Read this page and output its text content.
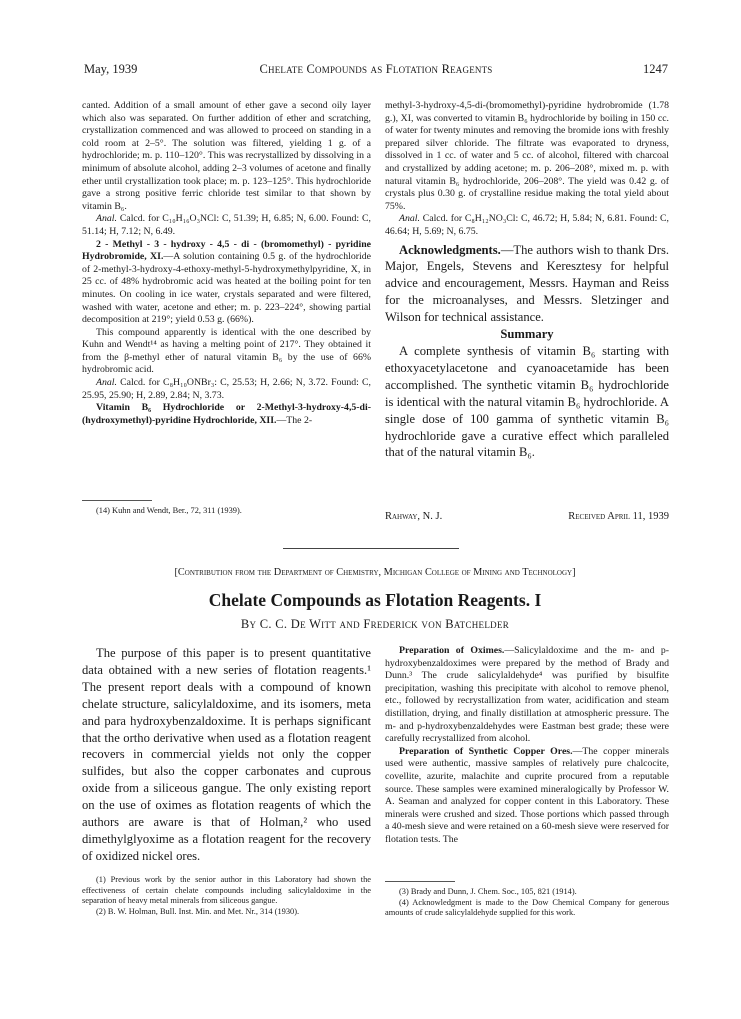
May, 1939	Chelate Compounds as Flotation Reagents	1247

canted. Addition of a small amount of ether gave a second oily layer which also was separated. On further addition of ether and scratching, crystallization commenced and was allowed to proceed on standing in a cold room at 2–5°. The solution was filtered, yielding 1 g. of a hydrochloride; m. p. 110–120°. This was recrystallized by dissolving in a minimum of absolute alcohol, adding 2–3 volumes of acetone and finally ether until crystallization took place; m. p. 123–125°. This hydrochloride gave a strong positive ferric chloride test similar to that shown by vitamin B₆.

Anal. Calcd. for C₁₀H₁₆O₃NCl: C, 51.39; H, 6.85; N, 6.00. Found: C, 51.14; H, 7.12; N, 6.49.

2 - Methyl - 3 - hydroxy - 4,5 - di - (bromomethyl) - pyridine Hydrobromide, XI.—A solution containing 0.5 g. of the hydrochloride of 2-methyl-3-hydroxy-4-ethoxy-methyl-5-hydroxymethylpyridine, X, in 25 cc. of 48% hydrobromic acid was heated at the boiling point for ten minutes. On cooling in ice water, crystals separated and were filtered, washed with water, acetone and ether; m. p. 223–224°, showing partial decomposition at 219°; yield 0.53 g. (66%).

This compound apparently is identical with the one described by Kuhn and Wendt¹⁴ as having a melting point of 217°. They obtained it from the β-methyl ether of natural vitamin B₆ by the use of 66% hydrobromic acid.

Anal. Calcd. for C₈H₁₀ONBr₃: C, 25.53; H, 2.66; N, 3.72. Found: C, 25.95, 25.90; H, 2.89, 2.84; N, 3.73.

Vitamin B₆ Hydrochloride or 2-Methyl-3-hydroxy-4,5-di-(hydroxymethyl)-pyridine Hydrochloride, XII.—The 2-

(14) Kuhn and Wendt, Ber., 72, 311 (1939).

methyl-3-hydroxy-4,5-di-(bromomethyl)-pyridine hydrobromide (1.78 g.), XI, was converted to vitamin B₆ hydrochloride by boiling in 150 cc. of water for twenty minutes and removing the bromide ions with freshly prepared silver chloride. The filtrate was evaporated to dryness, dissolved in 1 cc. of water and 5 cc. of alcohol, filtered with charcoal and crystallized by adding acetone; m. p. 206–208°, mixed m. p. with natural vitamin B₆ hydrochloride, 206–208°. The yield was 0.42 g. of crystals plus 0.30 g. of crystalline residue making the total yield about 75%.

Anal. Calcd. for C₈H₁₂NO₃Cl: C, 46.72; H, 5.84; N, 6.81. Found: C, 46.64; H, 5.69; N, 6.75.

Acknowledgments.—The authors wish to thank Drs. Major, Engels, Stevens and Keresztesy for helpful advice and encouragement, Messrs. Hayman and Reiss for the microanalyses, and Messrs. Sletzinger and Wilson for technical assistance.

Summary

A complete synthesis of vitamin B₆ starting with ethoxyacetylacetone and cyanoacetamide has been accomplished. The synthetic vitamin B₆ hydrochloride is identical with the natural vitamin B₆ hydrochloride. A single dose of 100 gamma of synthetic vitamin B₆ hydrochloride gave a curative effect which paralleled that of the natural vitamin B₆.

Rahway, N. J.	Received April 11, 1939
[Contribution from the Department of Chemistry, Michigan College of Mining and Technology]
Chelate Compounds as Flotation Reagents. I
By C. C. De Witt and Frederick von Batchelder

The purpose of this paper is to present quantitative data obtained with a new series of flotation reagents.¹ The present report deals with a compound of known chelate structure, salicylaldoxime, and its isomers, meta and para hydroxybenzaldoxime. It is perhaps significant that the ortho derivative when used as a flotation reagent recovers in commercial yields not only the copper sulfides, but also the copper carbonates and cuprous oxide from a siliceous gangue. The only existing report on the use of oximes as flotation reagents of which the authors are aware is that of Holman,² who used dimethylglyoxime as a flotation reagent for the recovery of oxidized nickel ores.

(1) Previous work by the senior author in this Laboratory had shown the effectiveness of certain chelate compounds including salicylaldoxime in the separation of heavy metal minerals from siliceous gangue.

(2) B. W. Holman, Bull. Inst. Min. and Met. Nr., 314 (1930).

Preparation of Oximes.—Salicylaldoxime and the m- and p-hydroxybenzaldoximes were prepared by the method of Brady and Dunn.³ The crude salicylaldehyde⁴ was purified by bisulfite precipitation, washing this precipitate with alcohol to remove phenol, etc., followed by recrystallization from water, acidification and steam distillation, drying, and finally distillation at atmospheric pressure. The m- and p-hydroxybenzaldehydes were Eastman best grade; these were carefully recrystallized from alcohol.

Preparation of Synthetic Copper Ores.—The copper minerals used were authentic, massive samples of relatively pure chalcocite, covellite, azurite, malachite and cuprite procured from a reputable source. These samples were examined mineralogically by Professor W. A. Seaman and analyzed for copper content in this Laboratory. These minerals were crushed and sized. Those portions which passed through a 40-mesh sieve and were retained on a 60-mesh sieve were reserved for flotation tests. The

(3) Brady and Dunn, J. Chem. Soc., 105, 821 (1914).

(4) Acknowledgment is made to the Dow Chemical Company for generous amounts of crude salicylaldehyde supplied for this work.
